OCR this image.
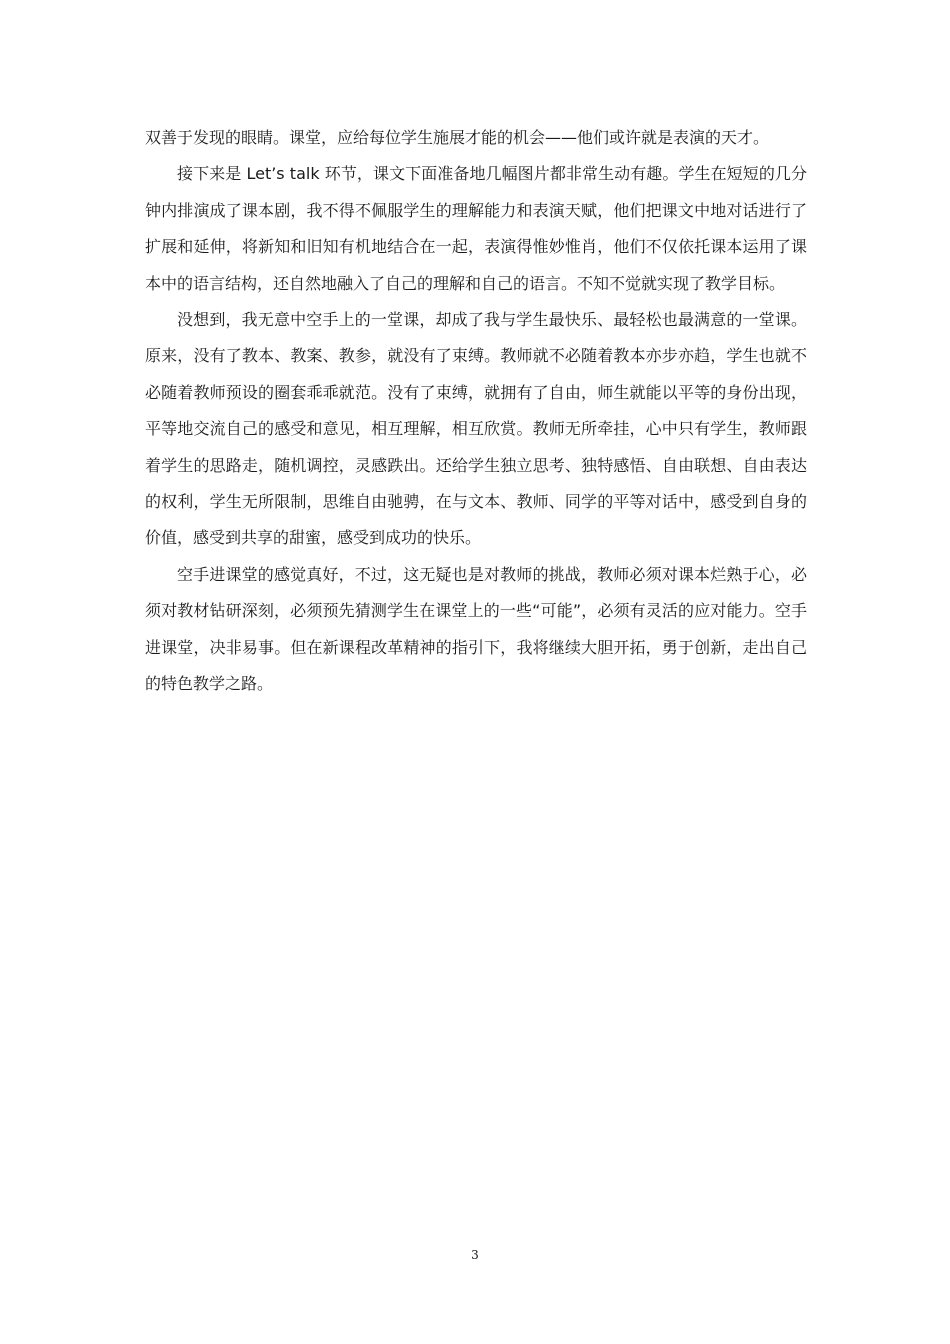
双善于发现的眼睛。课堂，应给每位学生施展才能的机会——他们或许就是表演的天才。

接下来是 Let’s talk 环节，课文下面准备地几幅图片都非常生动有趣。学生在短短的几分钟内排演成了课本剧，我不得不佩服学生的理解能力和表演天赋，他们把课文中地对话进行了扩展和延伸，将新知和旧知有机地结合在一起，表演得惟妙惟肖，他们不仅依托课本运用了课本中的语言结构，还自然地融入了自己的理解和自己的语言。不知不觉就实现了教学目标。

没想到，我无意中空手上的一堂课，却成了我与学生最快乐、最轻松也最满意的一堂课。原来，没有了教本、教案、教参，就没有了束缚。教师就不必随着教本亦步亦趋，学生也就不必随着教师预设的圈套乖乖就范。没有了束缚，就拥有了自由，师生就能以平等的身份出现，平等地交流自己的感受和意见，相互理解，相互欣赏。教师无所牵挂，心中只有学生，教师跟着学生的思路走，随机调控，灵感跌出。还给学生独立思考、独特感悟、自由联想、自由表达的权利，学生无所限制，思维自由驰骋，在与文本、教师、同学的平等对话中，感受到自身的价值，感受到共享的甜蜜，感受到成功的快乐。

空手进课堂的感觉真好，不过，这无疑也是对教师的挑战，教师必须对课本烂熟于心，必须对教材钻研深刻，必须预先猜测学生在课堂上的一些“可能”，必须有灵活的应对能力。空手进课堂，决非易事。但在新课程改革精神的指引下，我将继续大胆开拓，勇于创新，走出自己的特色教学之路。

3
